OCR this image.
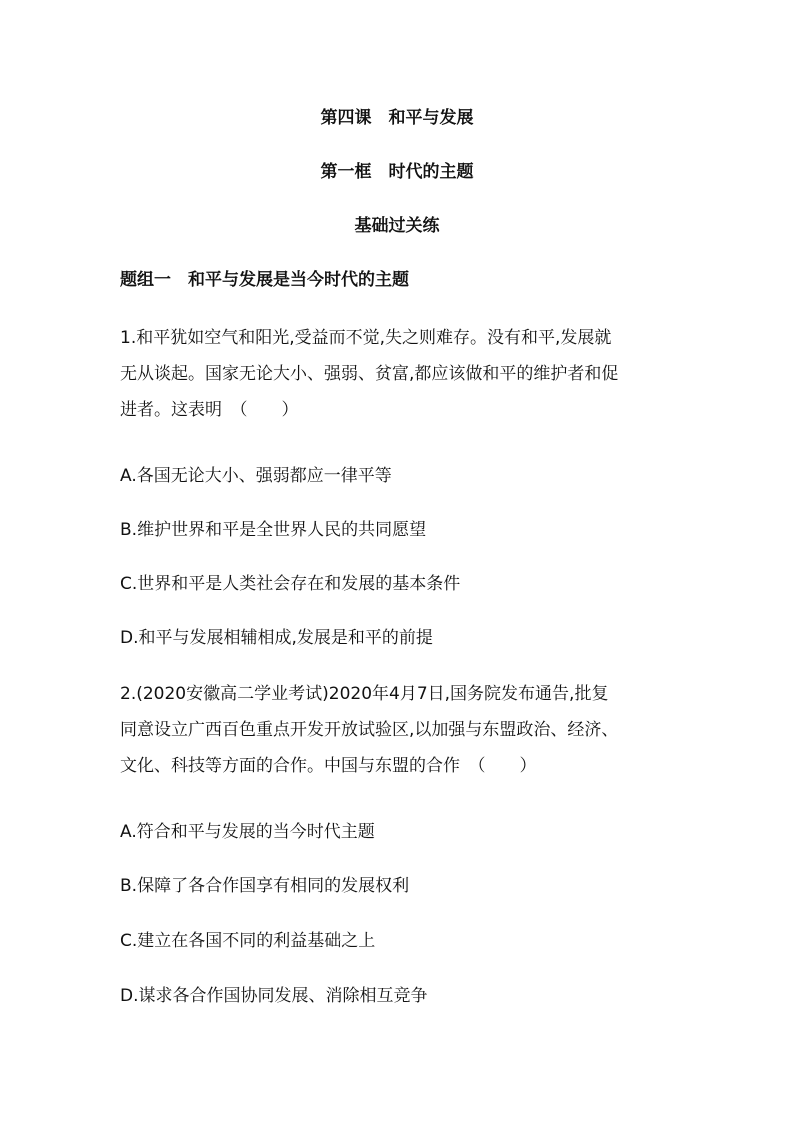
第四课　和平与发展
第一框　时代的主题
基础过关练
题组一　和平与发展是当今时代的主题
1.和平犹如空气和阳光,受益而不觉,失之则难存。没有和平,发展就
无从谈起。国家无论大小、强弱、贫富,都应该做和平的维护者和促
进者。这表明　（　　）
A.各国无论大小、强弱都应一律平等
B.维护世界和平是全世界人民的共同愿望
C.世界和平是人类社会存在和发展的基本条件
D.和平与发展相辅相成,发展是和平的前提
2.(2020安徽高二学业考试)2020年4月7日,国务院发布通告,批复
同意设立广西百色重点开发开放试验区,以加强与东盟政治、经济、
文化、科技等方面的合作。中国与东盟的合作　（　　）
A.符合和平与发展的当今时代主题
B.保障了各合作国享有相同的发展权利
C.建立在各国不同的利益基础之上
D.谋求各合作国协同发展、消除相互竞争
